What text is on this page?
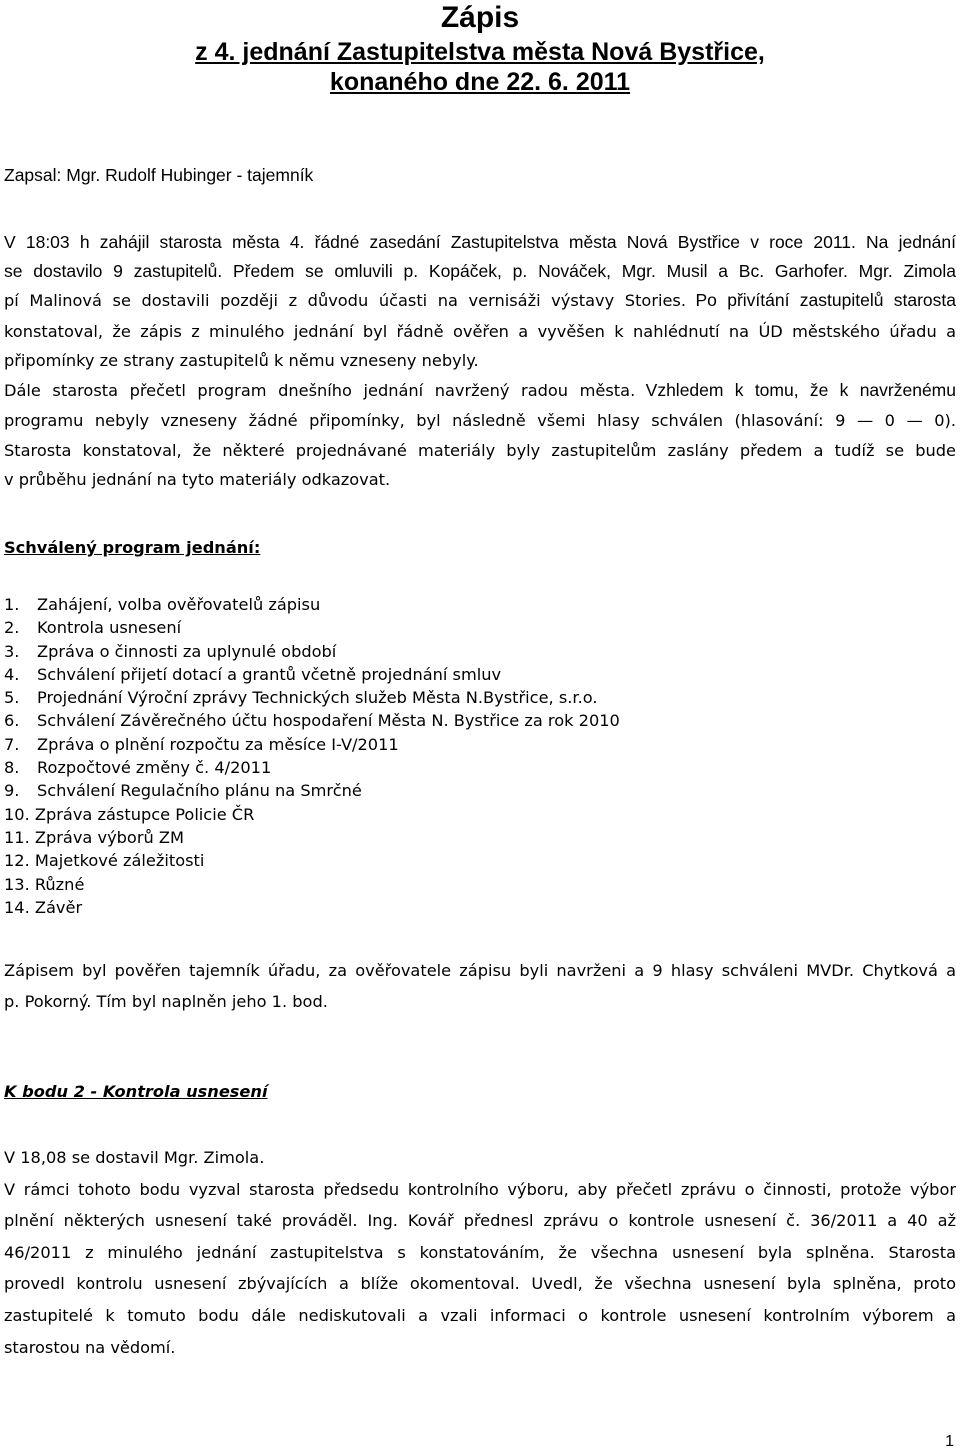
Zápis
z 4. jednání Zastupitelstva města Nová Bystřice,
konaného dne 22. 6. 2011
Zapsal: Mgr. Rudolf Hubinger - tajemník
V 18:03 h zahájil starosta města 4. řádné zasedání Zastupitelstva města Nová Bystřice v roce 2011. Na jednání
se dostavilo 9 zastupitelů. Předem se omluvili p. Kopáček, p. Nováček, Mgr. Musil a Bc. Garhofer. Mgr. Zimola
pí Malinová se dostavili později z důvodu účasti na vernisáži výstavy Stories. Po přivítání zastupitelů starosta
konstatoval, že zápis z minulého jednání byl řádně ověřen a vyvěšen k nahlédnutí na ÚD městského úřadu a
připomínky ze strany zastupitelů k němu vzneseny nebyly.
Dále starosta přečetl program dnešního jednání navržený radou města. Vzhledem k tomu, že k navrženému
programu nebyly vzneseny žádné připomínky, byl následně všemi hlasy schválen (hlasování: 9 — 0 — 0).
Starosta konstatoval, že některé projednávané materiály byly zastupitelům zaslány předem a tudíž se bude
v průběhu jednání na tyto materiály odkazovat.
Schválený program jednání:
1. Zahájení, volba ověřovatelů zápisu
2. Kontrola usnesení
3. Zpráva o činnosti za uplynulé období
4. Schválení přijetí dotací a grantů včetně projednání smluv
5. Projednání Výroční zprávy Technických služeb Města N.Bystřice, s.r.o.
6. Schválení Závěrečného účtu hospodaření Města N. Bystřice za rok 2010
7. Zpráva o plnění rozpočtu za měsíce I-V/2011
8. Rozpočtové změny č. 4/2011
9. Schválení Regulačního plánu na Smrčné
10. Zpráva zástupce Policie ČR
11. Zpráva výborů ZM
12. Majetkové záležitosti
13. Různé
14. Závěr
Zápisem byl pověřen tajemník úřadu, za ověřovatele zápisu byli navrženi a 9 hlasy schváleni MVDr. Chytková a
p. Pokorný. Tím byl naplněn jeho 1. bod.
K bodu 2 - Kontrola usnesení
V 18,08 se dostavil Mgr. Zimola.
V rámci tohoto bodu vyzval starosta předsedu kontrolního výboru, aby přečetl zprávu o činnosti, protože výbor
plnění některých usnesení také prováděl. Ing. Kovář přednesl zprávu o kontrole usnesení č. 36/2011 a 40 až
46/2011 z minulého jednání zastupitelstva s konstatováním, že všechna usnesení byla splněna. Starosta
provedl kontrolu usnesení zbývajících a blíže okomentoval. Uvedl, že všechna usnesení byla splněna, proto
zastupitelé k tomuto bodu dále nediskutovali a vzali informaci o kontrole usnesení kontrolním výborem a
starostou na vědomí.
1
